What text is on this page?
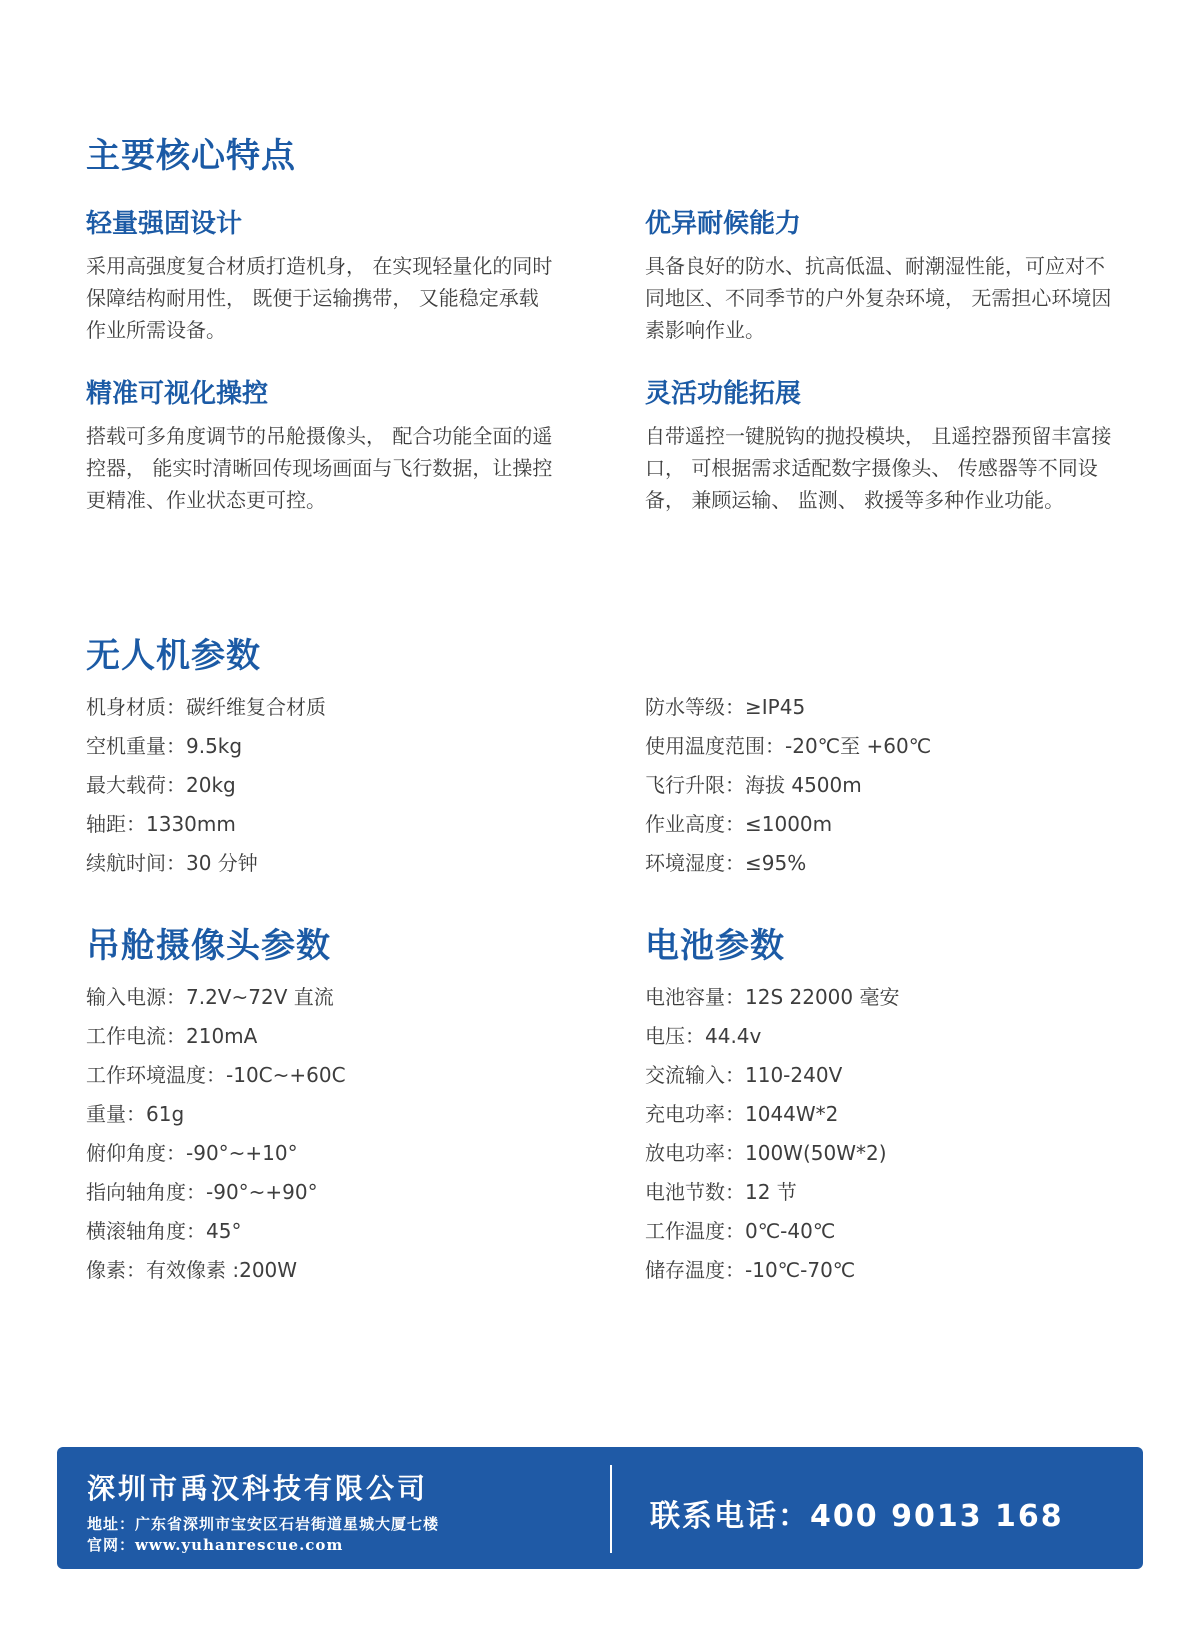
主要核心特点
轻量强固设计

采用高强度复合材质打造机身， 在实现轻量化的同时保障结构耐用性， 既便于运输携带， 又能稳定承载作业所需设备。

优异耐候能力

具备良好的防水、抗高低温、耐潮湿性能，可应对不同地区、不同季节的户外复杂环境， 无需担心环境因素影响作业。

精准可视化操控

搭载可多角度调节的吊舱摄像头， 配合功能全面的遥控器， 能实时清晰回传现场画面与飞行数据，让操控更精准、作业状态更可控。

灵活功能拓展

自带遥控一键脱钩的抛投模块， 且遥控器预留丰富接口， 可根据需求适配数字摄像头、 传感器等不同设备， 兼顾运输、 监测、 救援等多种作业功能。

无人机参数
机身材质：碳纤维复合材质
空机重量：9.5kg
最大载荷：20kg
轴距：1330mm
续航时间：30 分钟
防水等级：≥IP45
使用温度范围：-20℃至 +60℃
飞行升限：海拔 4500m
作业高度：≤1000m
环境湿度：≤95%
吊舱摄像头参数
输入电源：7.2V~72V 直流
工作电流：210mA
工作环境温度：-10C~+60C
重量：61g
俯仰角度：-90°~+10°
指向轴角度：-90°~+90°
横滚轴角度：45°
像素：有效像素 :200W
电池参数
电池容量：12S 22000 毫安
电压：44.4v
交流输入：110-240V
充电功率：1044W*2
放电功率：100W(50W*2)
电池节数：12 节
工作温度：0℃-40℃
储存温度：-10℃-70℃
深圳市禹汉科技有限公司
地址：广东省深圳市宝安区石岩街道星城大厦七楼
官网：www.yuhanrescue.com
联系电话：400 9013 168
